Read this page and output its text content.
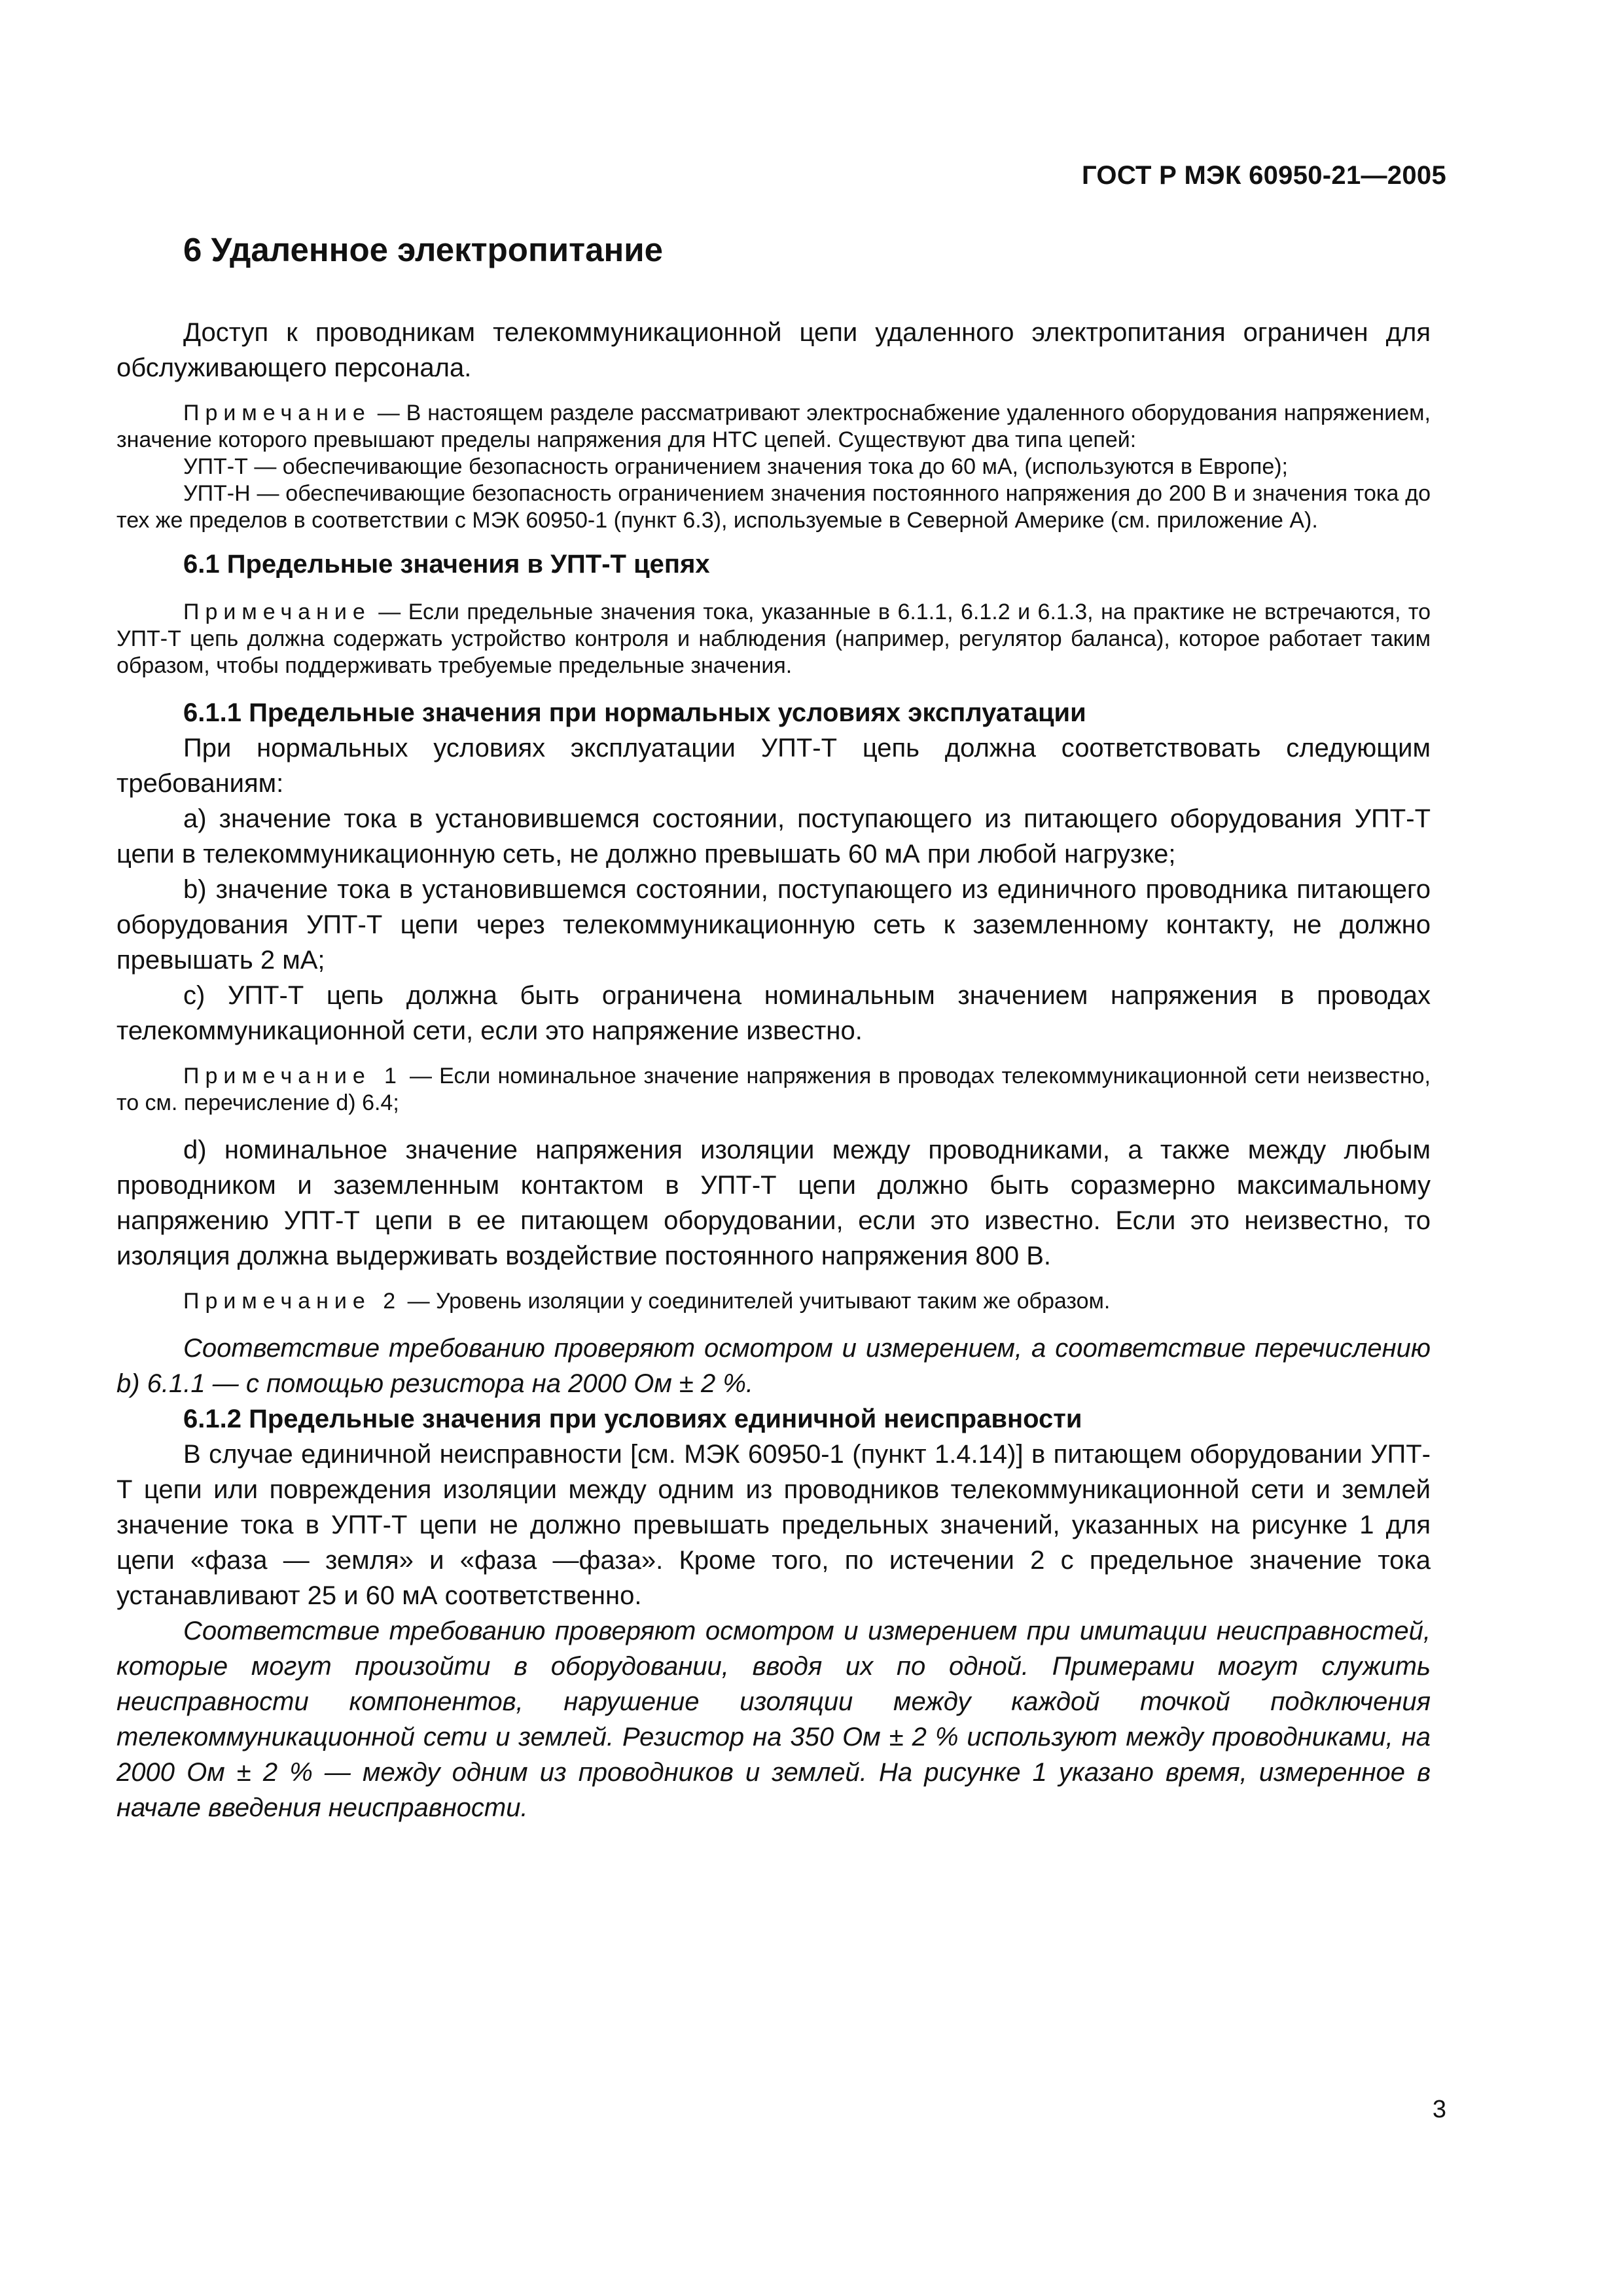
ГОСТ Р МЭК 60950-21—2005
6 Удаленное электропитание

Доступ к проводникам телекоммуникационной цепи удаленного электропитания ограничен для обслуживающего персонала.

Примечание — В настоящем разделе рассматривают электроснабжение удаленного оборудования напряжением, значение которого превышают пределы напряжения для НТС цепей. Существуют два типа цепей:

УПТ-Т — обеспечивающие безопасность ограничением значения тока до 60 мА, (используются в Европе);

УПТ-Н — обеспечивающие безопасность ограничением значения постоянного напряжения до 200 В и значения тока до тех же пределов в соответствии с МЭК 60950-1 (пункт 6.3), используемые в Северной Америке (см. приложение А).

6.1 Предельные значения в УПТ-Т цепях

Примечание — Если предельные значения тока, указанные в 6.1.1, 6.1.2 и 6.1.3, на практике не встречаются, то УПТ-Т цепь должна содержать устройство контроля и наблюдения (например, регулятор баланса), которое работает таким образом, чтобы поддерживать требуемые предельные значения.

6.1.1 Предельные значения при нормальных условиях эксплуатации

При нормальных условиях эксплуатации УПТ-Т цепь должна соответствовать следующим требованиям:

а) значение тока в установившемся состоянии, поступающего из питающего оборудования УПТ-Т цепи в телекоммуникационную сеть, не должно превышать 60 мА при любой нагрузке;

b) значение тока в установившемся состоянии, поступающего из единичного проводника питающего оборудования УПТ-Т цепи через телекоммуникационную сеть к заземленному контакту, не должно превышать 2 мА;

c) УПТ-Т цепь должна быть ограничена номинальным значением напряжения в проводах телекоммуникационной сети, если это напряжение известно.

Примечание 1 — Если номинальное значение напряжения в проводах телекоммуникационной сети неизвестно, то см. перечисление d) 6.4;

d) номинальное значение напряжения изоляции между проводниками, а также между любым проводником и заземленным контактом в УПТ-Т цепи должно быть соразмерно максимальному напряжению УПТ-Т цепи в ее питающем оборудовании, если это известно. Если это неизвестно, то изоляция должна выдерживать воздействие постоянного напряжения 800 В.

Примечание 2 — Уровень изоляции у соединителей учитывают таким же образом.

Соответствие требованию проверяют осмотром и измерением, а соответствие перечислению b) 6.1.1 — с помощью резистора на 2000 Ом ± 2 %.

6.1.2 Предельные значения при условиях единичной неисправности

В случае единичной неисправности [см. МЭК 60950-1 (пункт 1.4.14)] в питающем оборудовании УПТ-Т цепи или повреждения изоляции между одним из проводников телекоммуникационной сети и землей значение тока в УПТ-Т цепи не должно превышать предельных значений, указанных на рисунке 1 для цепи «фаза — земля» и «фаза —фаза». Кроме того, по истечении 2 с предельное значение тока устанавливают 25 и 60 мА соответственно.

Соответствие требованию проверяют осмотром и измерением при имитации неисправностей, которые могут произойти в оборудовании, вводя их по одной. Примерами могут служить неисправности компонентов, нарушение изоляции между каждой точкой подключения телекоммуникационной сети и землей. Резистор на 350 Ом ± 2 % используют между проводниками, на 2000 Ом ± 2 % — между одним из проводников и землей. На рисунке 1 указано время, измеренное в начале введения неисправности.

3
